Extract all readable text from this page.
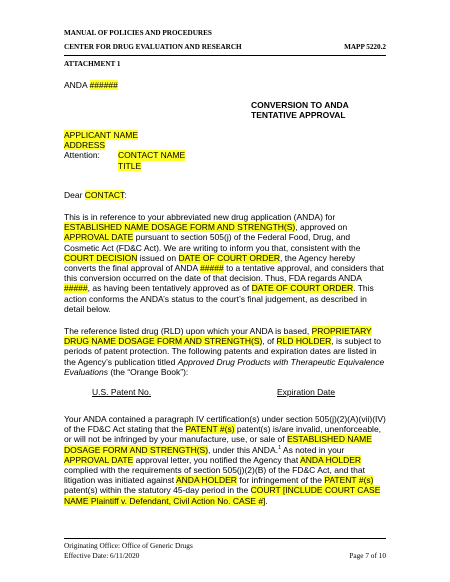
MANUAL OF POLICIES AND PROCEDURES
CENTER FOR DRUG EVALUATION AND RESEARCH	MAPP 5220.2
ATTACHMENT 1
ANDA ######
CONVERSION TO ANDA
TENTATIVE APPROVAL
APPLICANT NAME
ADDRESS
Attention: CONTACT NAME
TITLE
Dear CONTACT:
This is in reference to your abbreviated new drug application (ANDA) for ESTABLISHED NAME DOSAGE FORM AND STRENGTH(S), approved on APPROVAL DATE pursuant to section 505(j) of the Federal Food, Drug, and Cosmetic Act (FD&C Act). We are writing to inform you that, consistent with the COURT DECISION issued on DATE OF COURT ORDER, the Agency hereby converts the final approval of ANDA ##### to a tentative approval, and considers that this conversion occurred on the date of that decision. Thus, FDA regards ANDA #####, as having been tentatively approved as of DATE OF COURT ORDER. This action conforms the ANDA’s status to the court’s final judgement, as described in detail below.
The reference listed drug (RLD) upon which your ANDA is based, PROPRIETARY DRUG NAME DOSAGE FORM AND STRENGTH(S), of RLD HOLDER, is subject to periods of patent protection. The following patents and expiration dates are listed in the Agency’s publication titled Approved Drug Products with Therapeutic Equivalence Evaluations (the “Orange Book”):
U.S. Patent No.	Expiration Date
Your ANDA contained a paragraph IV certification(s) under section 505(j)(2)(A)(vii)(IV) of the FD&C Act stating that the PATENT #(s) patent(s) is/are invalid, unenforceable, or will not be infringed by your manufacture, use, or sale of ESTABLISHED NAME DOSAGE FORM AND STRENGTH(S), under this ANDA.$^1$ As noted in your APPROVAL DATE approval letter, you notified the Agency that ANDA HOLDER complied with the requirements of section 505(j)(2)(B) of the FD&C Act, and that litigation was initiated against ANDA HOLDER for infringement of the PATENT #(s) patent(s) within the statutory 45-day period in the COURT [INCLUDE COURT CASE NAME Plaintiff v. Defendant, Civil Action No. CASE #].
Originating Office: Office of Generic Drugs
Effective Date: 6/11/2020	Page 7 of 10
